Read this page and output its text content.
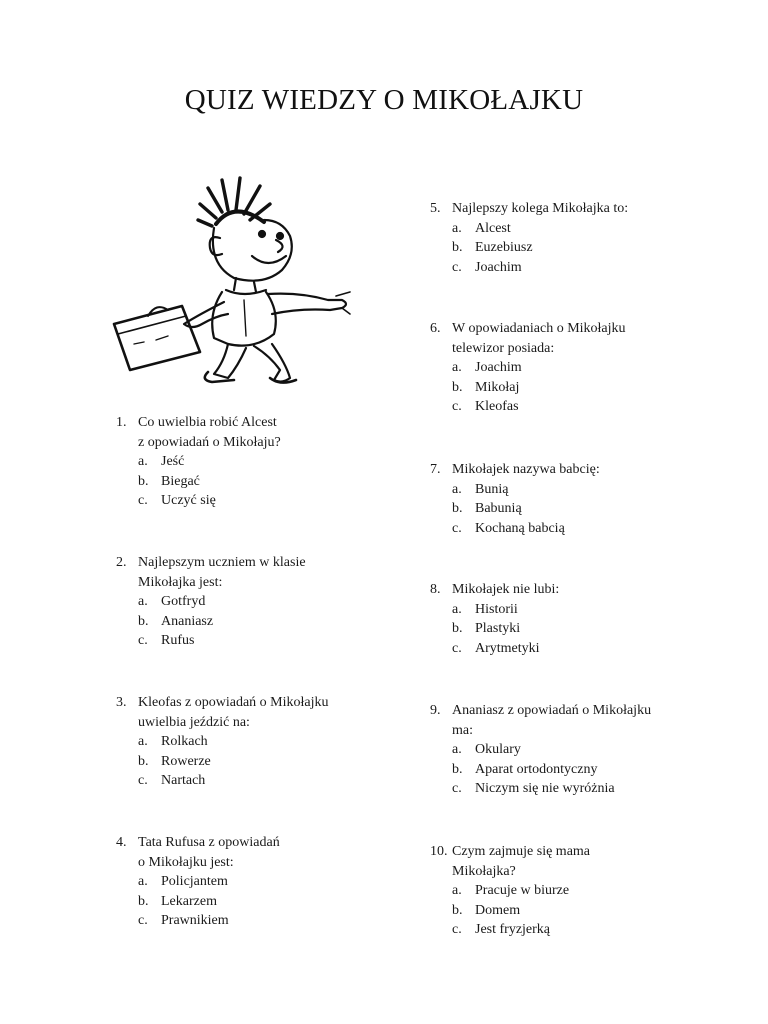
QUIZ WIEDZY O MIKOŁAJKU
1. Co uwielbia robić Alcest
z opowiadań o Mikołaju?
a. Jeść
b. Biegać
c. Uczyć się
2. Najlepszym uczniem w klasie
Mikołajka jest:
a. Gotfryd
b. Ananiasz
c. Rufus
3. Kleofas z opowiadań o Mikołajku
uwielbia jeździć na:
a. Rolkach
b. Rowerze
c. Nartach
4. Tata Rufusa z opowiadań
o Mikołajku jest:
a. Policjantem
b. Lekarzem
c. Prawnikiem
5. Najlepszy kolega Mikołajka to:
a. Alcest
b. Euzebiusz
c. Joachim
6. W opowiadaniach o Mikołajku
telewizor posiada:
a. Joachim
b. Mikołaj
c. Kleofas
7. Mikołajek nazywa babcię:
a. Bunią
b. Babunią
c. Kochaną babcią
8. Mikołajek nie lubi:
a. Historii
b. Plastyki
c. Arytmetyki
9. Ananiasz z opowiadań o Mikołajku
ma:
a. Okulary
b. Aparat ortodontyczny
c. Niczym się nie wyróżnia
10. Czym zajmuje się mama
Mikołajka?
a. Pracuje w biurze
b. Domem
c. Jest fryzjerką
